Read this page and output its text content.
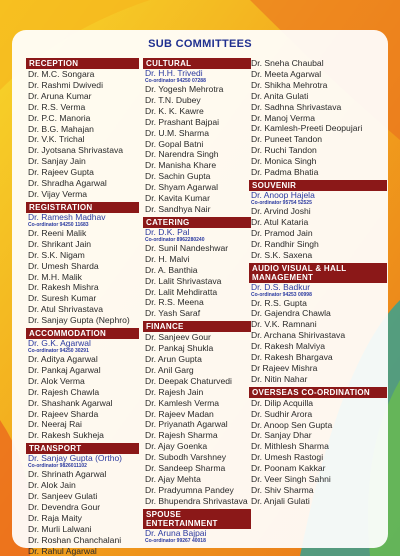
SUB COMMITTEES
RECEPTION
Dr. M.C. Songara
Dr. Rashmi Dwivedi
Dr. Aruna Kumar
Dr. R.S. Verma
Dr. P.C. Manoria
Dr. B.G. Mahajan
Dr. V.K. Trichal
Dr. Jyotsana Shrivastava
Dr. Sanjay Jain
Dr. Rajeev Gupta
Dr. Shradha Agarwal
Dr. Vijay Verma
REGISTRATION
Dr. Ramesh Madhav
Co-ordinator 94250 11683
Dr. Reeni Malik
Dr. Shrikant Jain
Dr. S.K. Nigam
Dr. Umesh Sharda
Dr. M.H. Malik
Dr. Rakesh Mishra
Dr. Suresh Kumar
Dr. Atul Shrivastava
Dr. Sanjay Gupta (Nephro)
ACCOMMODATION
Dr. G.K. Agarwal
Co-ordinator 94250 30291
Dr. Aditya Agarwal
Dr. Pankaj Agarwal
Dr. Alok Verma
Dr. Rajesh Chawla
Dr. Shashank Agarwal
Dr. Rajeev Sharda
Dr. Neeraj Rai
Dr. Rakesh Sukheja
TRANSPORT
Dr. Sanjay Gupta (Ortho)
Co-ordinator 9826011102
Dr. Shrinath Agarwal
Dr. Alok Jain
Dr. Sanjeev Gulati
Dr. Devendra Gour
Dr. Raja Maity
Dr. Murli Lalwani
Dr. Roshan Chanchalani
Dr. Rahul Agarwal
CULTURAL
Dr. H.H. Trivedi
Co-ordinator 94250 07288
Dr. Yogesh Mehrotra
Dr. T.N. Dubey
Dr. K. K. Kawre
Dr. Prashant Bajpai
Dr. U.M. Sharma
Dr. Gopal Batni
Dr. Narendra Singh
Dr. Manisha Khare
Dr. Sachin Gupta
Dr. Shyam Agarwal
Dr. Kavita Kumar
Dr. Sandhya Nair
CATERING
Dr. D.K. Pal
Co-ordinator 8962280240
Dr. Sunil Nandeshwar
Dr. H. Malvi
Dr. A. Banthia
Dr. Lalit Shrivastava
Dr. Lalit Mehdiratta
Dr. R.S. Meena
Dr. Yash Saraf
FINANCE
Dr. Sanjeev Gour
Dr. Pankaj Shukla
Dr. Arun Gupta
Dr. Anil Garg
Dr. Deepak Chaturvedi
Dr. Rajesh Jain
Dr. Kamlesh Verma
Dr. Rajeev Madan
Dr. Priyanath Agarwal
Dr. Rajesh Sharma
Dr. Ajay Goenka
Dr. Subodh Varshney
Dr. Sandeep Sharma
Dr. Ajay Mehta
Dr. Pradyumna Pandey
Dr. Bhupendra Shrivastava
SPOUSE ENTERTAINMENT
Dr. Aruna Bajpai
Co-ordinator 99267 40018
Dr. Sneha Chaubal
Dr. Meeta Agarwal
Dr. Shikha Mehrotra
Dr. Anita Gulati
Dr. Sadhna Shrivastava
Dr. Manoj Verma
Dr. Kamlesh-Preeti Deopujari
Dr. Puneet Tandon
Dr. Ruchi Tandon
Dr. Monica Singh
Dr. Padma Bhatia
SOUVENIR
Dr. Anoop Hajela
Co-ordinator 95754 52525
Dr. Arvind Joshi
Dr. Atul Kataria
Dr. Pramod Jain
Dr. Randhir Singh
Dr. S.K. Saxena
AUDIO VISUAL & HALL MANAGEMENT
Dr. D.S. Badkur
Co-ordinator 94253 00998
Dr. R.S. Gupta
Dr. Gajendra Chawla
Dr. V.K. Ramnani
Dr. Archana Shirivastava
Dr. Rakesh Malviya
Dr. Rakesh Bhargava
Dr Rajeev Mishra
Dr. Nitin Nahar
OVERSEAS CO-ORDINATION
Dr. Dilip Acquilla
Dr. Sudhir Arora
Dr. Anoop Sen Gupta
Dr. Sanjay Dhar
Dr. Mithlesh Sharma
Dr. Umesh Rastogi
Dr. Poonam Kakkar
Dr. Veer Singh Sahni
Dr. Shiv Sharma
Dr. Anjali Gulati
